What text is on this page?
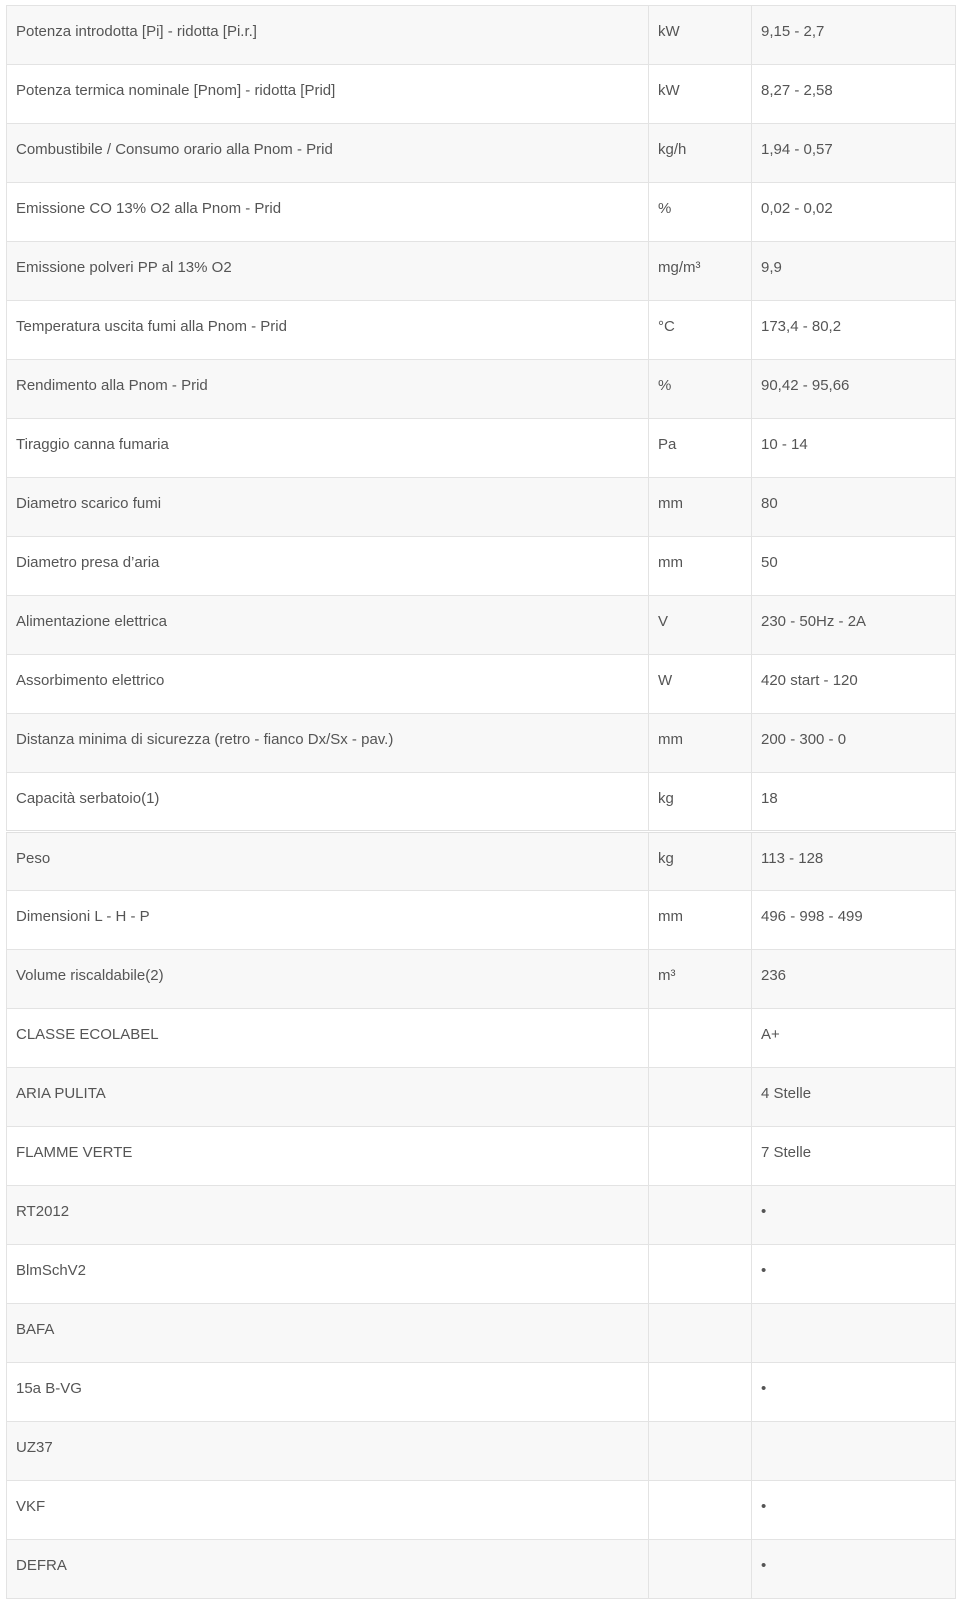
Potenza introdotta [Pi] - ridotta [Pi.r.]	kW	9,15 - 2,7
Potenza termica nominale [Pnom] - ridotta [Prid]	kW	8,27 - 2,58
Combustibile / Consumo orario alla Pnom - Prid	kg/h	1,94 - 0,57
Emissione CO 13% O2 alla Pnom - Prid	%	0,02 - 0,02
Emissione polveri PP al 13% O2	mg/m³	9,9
Temperatura uscita fumi alla Pnom - Prid	°C	173,4 - 80,2
Rendimento alla Pnom - Prid	%	90,42 - 95,66
Tiraggio canna fumaria	Pa	10 - 14
Diametro scarico fumi	mm	80
Diametro presa d’aria	mm	50
Alimentazione elettrica	V	230 - 50Hz - 2A
Assorbimento elettrico	W	420 start - 120
Distanza minima di sicurezza (retro - fianco Dx/Sx - pav.)	mm	200 - 300 - 0
Capacità serbatoio(1)	kg	18
Peso	kg	113 - 128
Dimensioni L - H - P	mm	496 - 998 - 499
Volume riscaldabile(2)	m³	236
CLASSE ECOLABEL		A+
ARIA PULITA		4 Stelle
FLAMME VERTE		7 Stelle
RT2012		•
BlmSchV2		•
BAFA		
15a B-VG		•
UZ37		
VKF		•
DEFRA		•
